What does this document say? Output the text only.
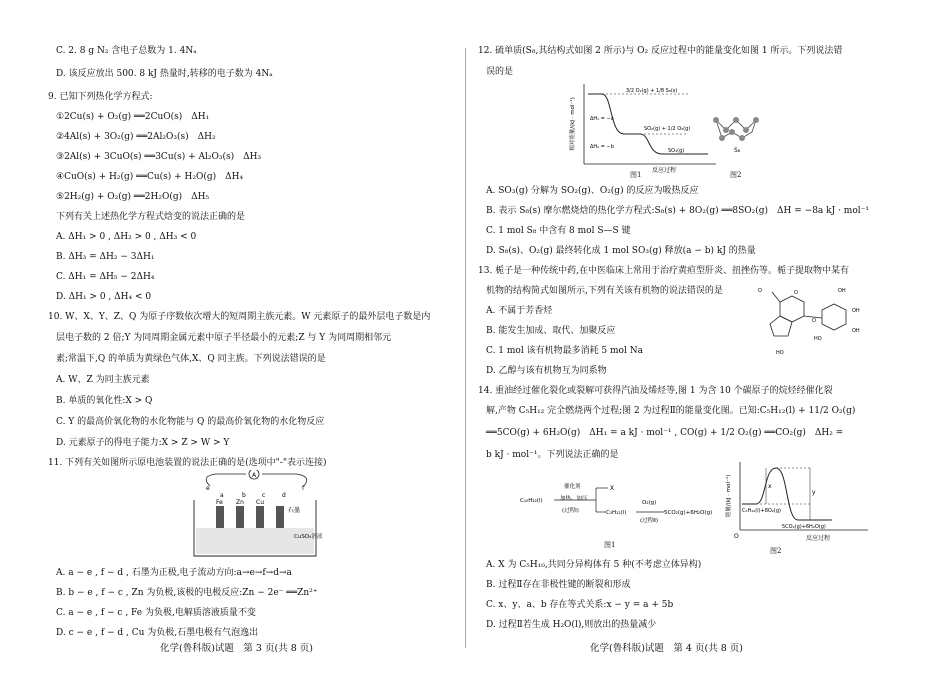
C. 2. 8 g N₂ 含电子总数为 1. 4Nₐ
D. 该反应放出 500. 8 kJ 热量时,转移的电子数为 4Nₐ
9. 已知下列热化学方程式:
①2Cu(s) + O₂(g) ══2CuO(s)　ΔH₁
②4Al(s) + 3O₂(g) ══2Al₂O₃(s)　ΔH₂
③2Al(s) + 3CuO(s) ══3Cu(s) + Al₂O₃(s)　ΔH₃
④CuO(s) + H₂(g) ══Cu(s) + H₂O(g)　ΔH₄
⑤2H₂(g) + O₂(g) ══2H₂O(g)　ΔH₅
下列有关上述热化学方程式焓变的说法正确的是
A. ΔH₁ > 0 , ΔH₂ > 0 , ΔH₃ < 0
B. ΔH₃ = ΔH₂ − 3ΔH₁
C. ΔH₁ = ΔH₅ − 2ΔH₄
D. ΔH₁ > 0 , ΔH₄ < 0
10. W、X、Y、Z、Q 为原子序数依次增大的短周期主族元素。W 元素原子的最外层电子数是内
层电子数的 2 倍;Y 为同周期金属元素中原子半径最小的元素;Z 与 Y 为同周期相邻元
素;常温下,Q 的单质为黄绿色气体,X、Q 同主族。下列说法错误的是
A. W、Z 为同主族元素
B. 单质的氧化性:X > Q
C. Y 的最高价氧化物的水化物能与 Q 的最高价氧化物的水化物反应
D. 元素原子的得电子能力:X > Z > W > Y
11. 下列有关如图所示原电池装置的说法正确的是(选项中"-"表示连接)
A
e	f
a	b	c	d
Fe Zn Cu
石墨
CuSO₄溶液
A. a − e , f − d , 石墨为正极,电子流动方向:a→e→f→d→a
B. b − e , f − c , Zn 为负极,该极的电极反应:Zn − 2e⁻ ══Zn²⁺
C. a − e , f − c , Fe 为负极,电解质溶液质量不变
D. c − e , f − d , Cu 为负极,石墨电极有气泡逸出
化学(鲁科版)试题　第 3 页(共 8 页)
12. 硫单质(S₈,其结构式如图 2 所示)与 O₂ 反应过程中的能量变化如图 1 所示。下列说法错
误的是
相对能量/(kJ · mol⁻¹)
反应过程
3/2 O₂(g) + 1/8 S₈(s)
SO₂(g) + 1/2 O₂(g)
SO₃(g)
ΔH₁ = −a
ΔH₂ = −b
图1
S₈
图2
A. SO₃(g) 分解为 SO₂(g)、O₂(g) 的反应为吸热反应
B. 表示 S₈(s) 摩尔燃烧焓的热化学方程式:S₈(s) + 8O₂(g) ══8SO₂(g)　ΔH = −8a kJ · mol⁻¹
C. 1 mol S₈ 中含有 8 mol S—S 键
D. S₈(s)、O₂(g) 最终转化成 1 mol SO₃(g) 释放(a − b) kJ 的热量
13. 栀子是一种传统中药,在中医临床上常用于治疗黄疸型肝炎、扭挫伤等。栀子提取物中某有
机物的结构简式如图所示,下列有关该有机物的说法错误的是	O	O
O
OH
OH
OH
HO
HO
A. 不属于芳香烃
B. 能发生加成、取代、加聚反应
C. 1 mol 该有机物最多消耗 5 mol Na
D. 乙醇与该有机物互为同系物
14. 重油经过催化裂化或裂解可获得汽油及烯烃等,图 1 为含 10 个碳原子的烷烃经催化裂
解,产物 C₅H₁₂ 完全燃烧两个过程;图 2 为过程Ⅱ的能量变化图。已知:C₅H₁₂(l) + 11/2 O₂(g)
══5CO(g) + 6H₂O(g)　ΔH₁ = a kJ · mol⁻¹ , CO(g) + 1/2 O₂(g) ══CO₂(g)　ΔH₂ =
b kJ · mol⁻¹。下列说法正确的是
C₁₀H₂₂(l)
催化剂
加热、加压
(过程Ⅰ)
X
C₅H₁₂(l)
O₂(g)
(过程Ⅱ)
5CO₂(g)+6H₂O(g)
图1
能量/(kJ · mol⁻¹)
O	反应过程
x
y
C₅H₁₂(l)+8O₂(g)
5CO₂(g)+6H₂O(g)
图2
A. X 为 C₅H₁₀,共同分异构体有 5 种(不考虑立体异构)
B. 过程Ⅱ存在非极性键的断裂和形成
C. x、y、a、b 存在等式关系:x − y = a + 5b
D. 过程Ⅱ若生成 H₂O(l),则放出的热量减少
化学(鲁科版)试题　第 4 页(共 8 页)
